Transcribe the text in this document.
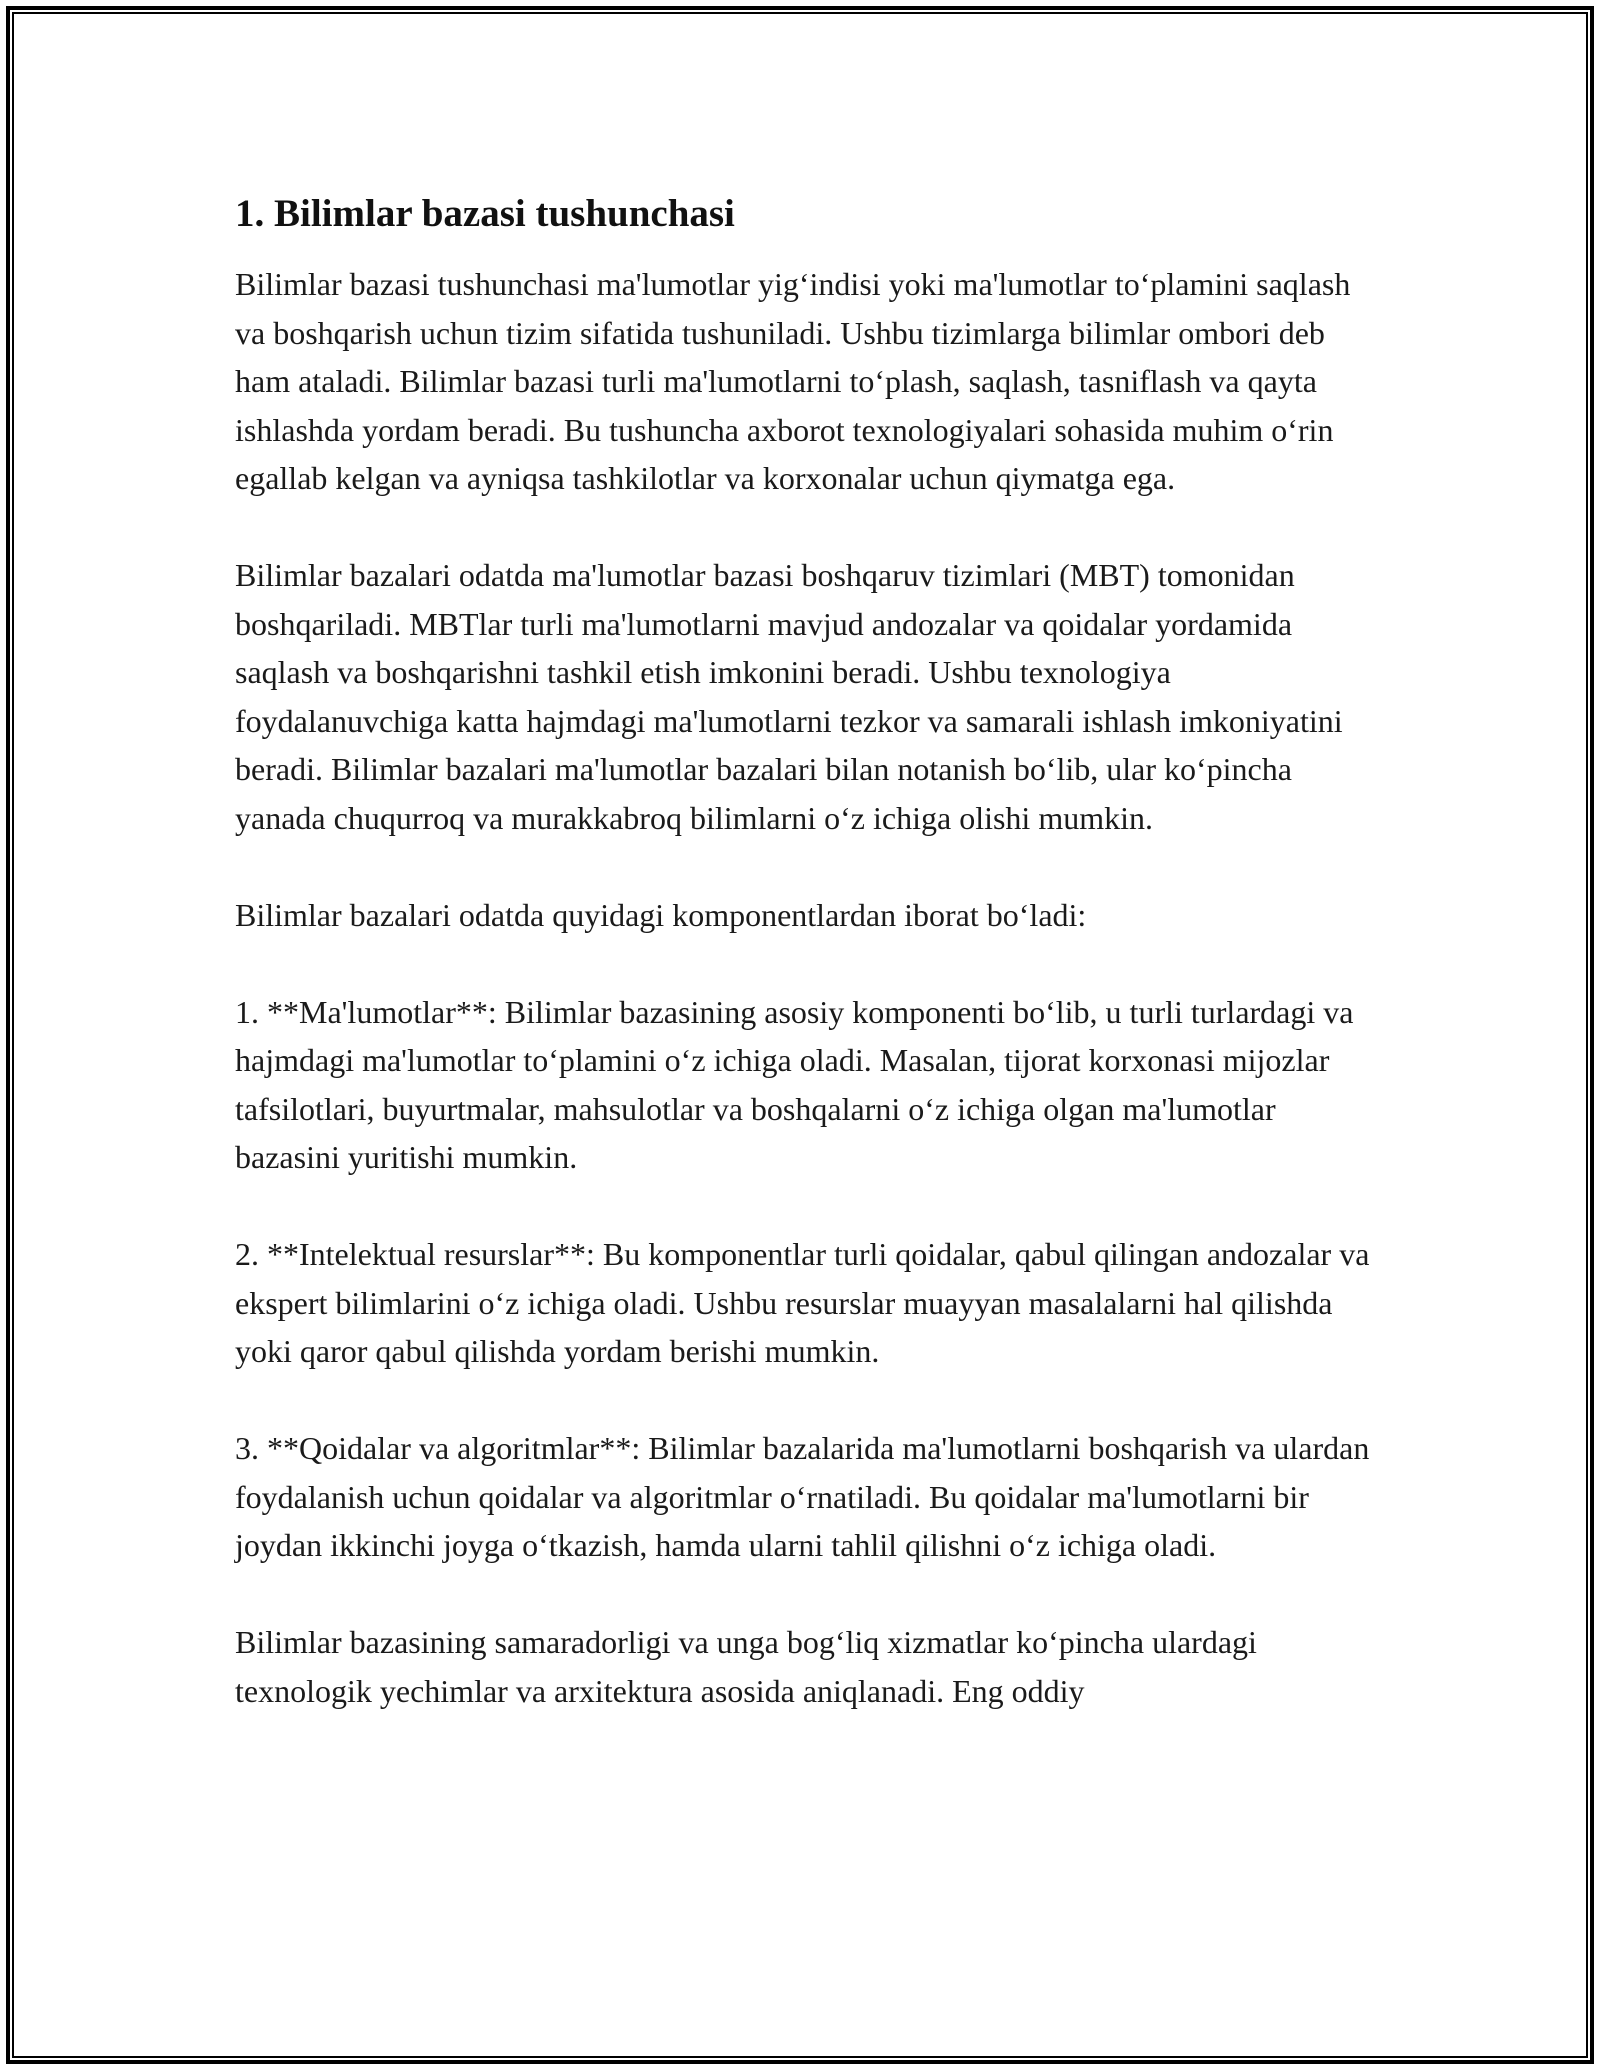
1. Bilimlar bazasi tushunchasi

Bilimlar bazasi tushunchasi ma'lumotlar yig‘indisi yoki ma'lumotlar to‘plamini saqlash va boshqarish uchun tizim sifatida tushuniladi. Ushbu tizimlarga bilimlar ombori deb ham ataladi. Bilimlar bazasi turli ma'lumotlarni to‘plash, saqlash, tasniflash va qayta ishlashda yordam beradi. Bu tushuncha axborot texnologiyalari sohasida muhim o‘rin egallab kelgan va ayniqsa tashkilotlar va korxonalar uchun qiymatga ega.

Bilimlar bazalari odatda ma'lumotlar bazasi boshqaruv tizimlari (MBT) tomonidan boshqariladi. MBTlar turli ma'lumotlarni mavjud andozalar va qoidalar yordamida saqlash va boshqarishni tashkil etish imkonini beradi. Ushbu texnologiya foydalanuvchiga katta hajmdagi ma'lumotlarni tezkor va samarali ishlash imkoniyatini beradi. Bilimlar bazalari ma'lumotlar bazalari bilan notanish bo‘lib, ular ko‘pincha yanada chuqurroq va murakkabroq bilimlarni o‘z ichiga olishi mumkin.

Bilimlar bazalari odatda quyidagi komponentlardan iborat bo‘ladi:

1. **Ma'lumotlar**: Bilimlar bazasining asosiy komponenti bo‘lib, u turli turlardagi va hajmdagi ma'lumotlar to‘plamini o‘z ichiga oladi. Masalan, tijorat korxonasi mijozlar tafsilotlari, buyurtmalar, mahsulotlar va boshqalarni o‘z ichiga olgan ma'lumotlar bazasini yuritishi mumkin.

2. **Intelektual resurslar**: Bu komponentlar turli qoidalar, qabul qilingan andozalar va ekspert bilimlarini o‘z ichiga oladi. Ushbu resurslar muayyan masalalarni hal qilishda yoki qaror qabul qilishda yordam berishi mumkin.

3. **Qoidalar va algoritmlar**: Bilimlar bazalarida ma'lumotlarni boshqarish va ulardan foydalanish uchun qoidalar va algoritmlar o‘rnatiladi. Bu qoidalar ma'lumotlarni bir joydan ikkinchi joyga o‘tkazish, hamda ularni tahlil qilishni o‘z ichiga oladi.

Bilimlar bazasining samaradorligi va unga bog‘liq xizmatlar ko‘pincha ulardagi texnologik yechimlar va arxitektura asosida aniqlanadi. Eng oddiy
